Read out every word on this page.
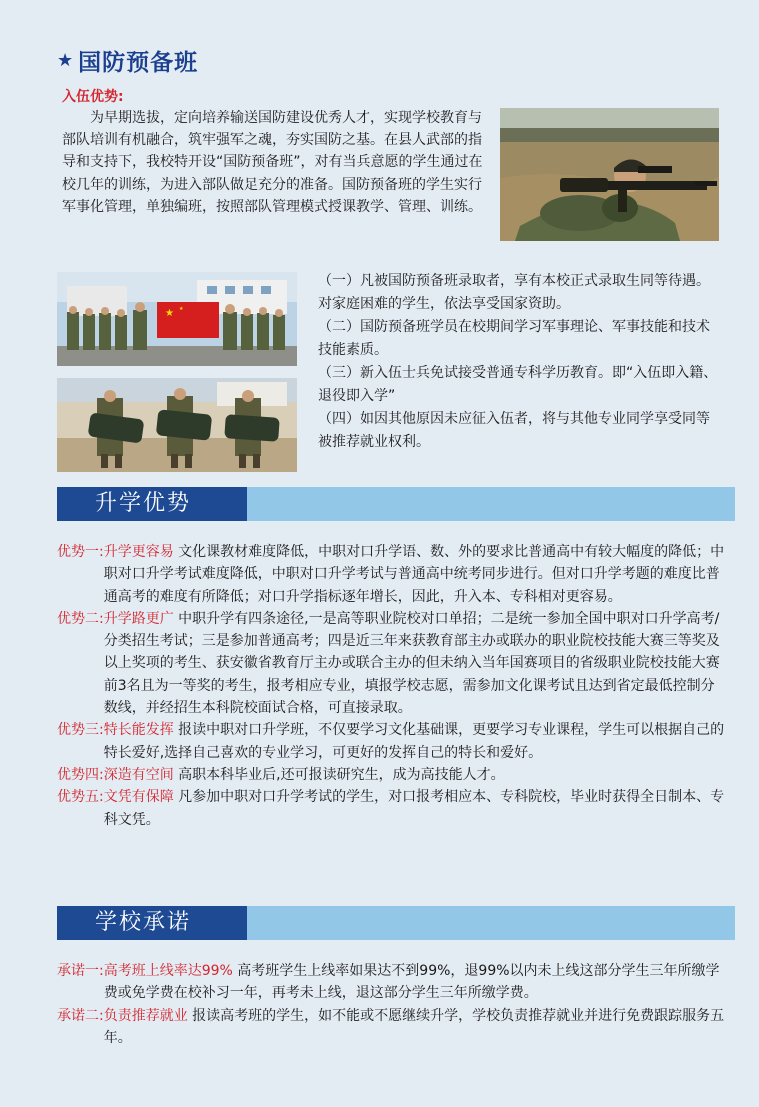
★ 国防预备班
入伍优势:

为早期选拔，定向培养输送国防建设优秀人才，实现学校教育与部队培训有机融合，筑牢强军之魂，夯实国防之基。在县人武部的指导和支持下，我校特开设“国防预备班”，对有当兵意愿的学生通过在校几年的训练，为进入部队做足充分的准备。国防预备班的学生实行军事化管理，单独编班，按照部队管理模式授课教学、管理、训练。

★ ★

（一）凡被国防预备班录取者，享有本校正式录取生同等待遇。对家庭困难的学生，依法享受国家资助。

（二）国防预备班学员在校期间学习军事理论、军事技能和技术技能素质。

（三）新入伍士兵免试接受普通专科学历教育。即“入伍即入籍、退役即入学”

（四）如因其他原因未应征入伍者，将与其他专业同学享受同等被推荐就业权利。

升学优势
优势一: 升学更容易 文化课教材难度降低，中职对口升学语、数、外的要求比普通高中有较大幅度的降低；中职对口升学考试难度降低，中职对口升学考试与普通高中统考同步进行。但对口升学考题的难度比普通高考的难度有所降低；对口升学指标逐年增长，因此，升入本、专科相对更容易。
优势二: 升学路更广 中职升学有四条途径,一是高等职业院校对口单招；二是统一参加全国中职对口升学高考/分类招生考试；三是参加普通高考；四是近三年来获教育部主办或联办的职业院校技能大赛三等奖及以上奖项的考生、获安徽省教育厅主办或联合主办的但未纳入当年国赛项目的省级职业院校技能大赛前3名且为一等奖的考生，报考相应专业，填报学校志愿，需参加文化课考试且达到省定最低控制分数线，并经招生本科院校面试合格，可直接录取。
优势三: 特长能发挥 报读中职对口升学班，不仅要学习文化基础课，更要学习专业课程，学生可以根据自己的特长爱好,选择自己喜欢的专业学习，可更好的发挥自己的特长和爱好。
优势四: 深造有空间 高职本科毕业后,还可报读研究生，成为高技能人才。
优势五: 文凭有保障 凡参加中职对口升学考试的学生，对口报考相应本、专科院校，毕业时获得全日制本、专科文凭。
学校承诺
承诺一: 高考班上线率达99% 高考班学生上线率如果达不到99%，退99%以内未上线这部分学生三年所缴学费或免学费在校补习一年，再考未上线，退这部分学生三年所缴学费。
承诺二: 负责推荐就业 报读高考班的学生，如不能或不愿继续升学，学校负责推荐就业并进行免费跟踪服务五年。
